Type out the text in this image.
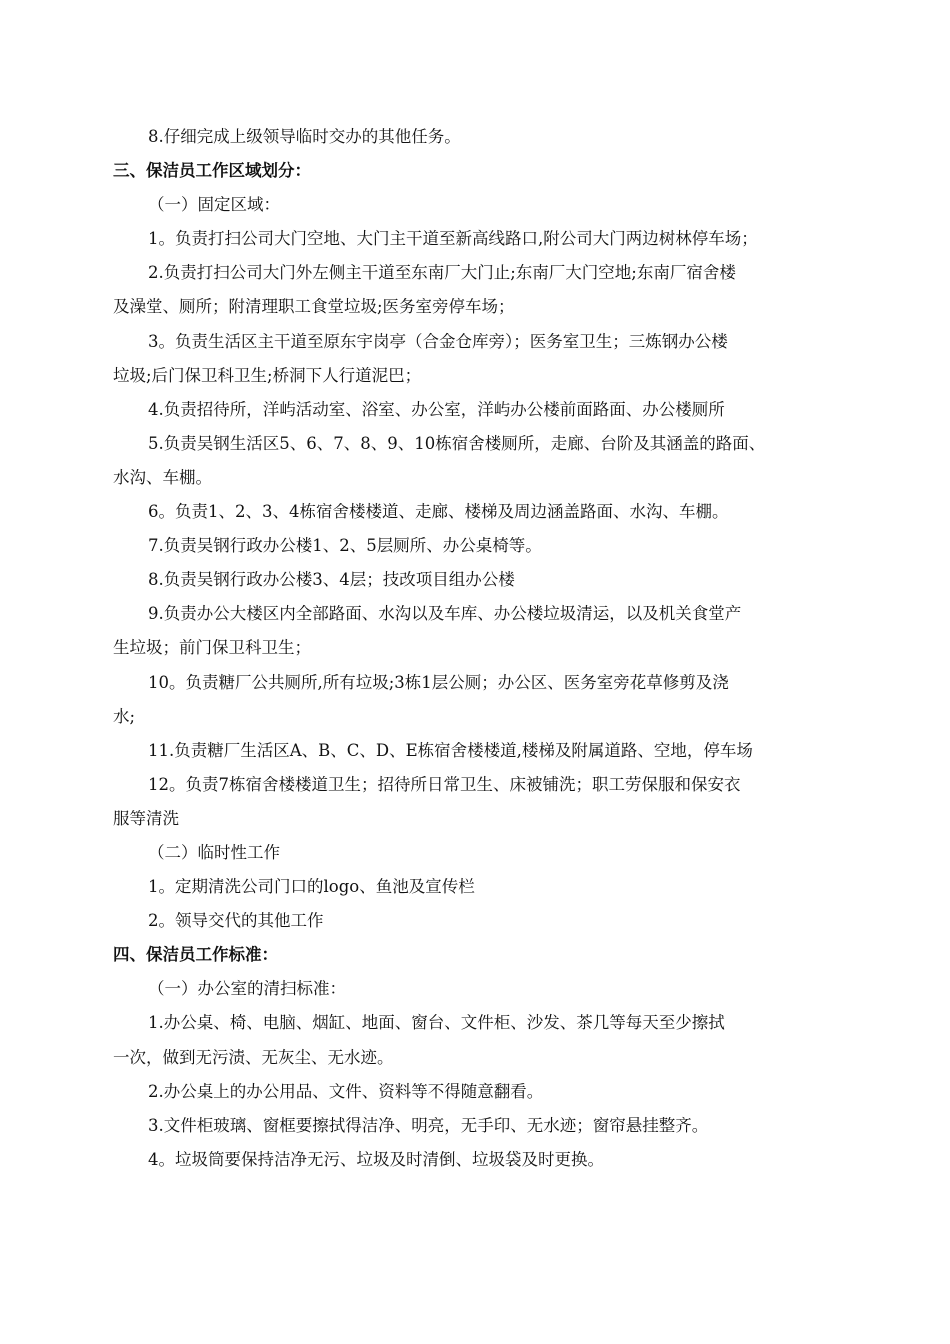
8.仔细完成上级领导临时交办的其他任务。
三、保洁员工作区域划分：
（一）固定区域：
1。负责打扫公司大门空地、大门主干道至新高线路口,附公司大门两边树林停车场；
2.负责打扫公司大门外左侧主干道至东南厂大门止;东南厂大门空地;东南厂宿舍楼
及澡堂、厕所；附清理职工食堂垃圾;医务室旁停车场；
3。负责生活区主干道至原东宇岗亭（合金仓库旁）；医务室卫生；三炼钢办公楼
垃圾;后门保卫科卫生;桥洞下人行道泥巴；
4.负责招待所，洋屿活动室、浴室、办公室，洋屿办公楼前面路面、办公楼厕所
5.负责吴钢生活区5、6、7、8、9、10栋宿舍楼厕所，走廊、台阶及其涵盖的路面、
水沟、车棚。
6。负责1、2、3、4栋宿舍楼楼道、走廊、楼梯及周边涵盖路面、水沟、车棚。
7.负责吴钢行政办公楼1、2、5层厕所、办公桌椅等。
8.负责吴钢行政办公楼3、4层；技改项目组办公楼
9.负责办公大楼区内全部路面、水沟以及车库、办公楼垃圾清运，以及机关食堂产
生垃圾；前门保卫科卫生；
10。负责糖厂公共厕所,所有垃圾;3栋1层公厕；办公区、医务室旁花草修剪及浇
水;
11.负责糖厂生活区A、B、C、D、E栋宿舍楼楼道,楼梯及附属道路、空地，停车场
12。负责7栋宿舍楼楼道卫生；招待所日常卫生、床被铺洗；职工劳保服和保安衣
服等清洗
（二）临时性工作
1。定期清洗公司门口的logo、鱼池及宣传栏
2。领导交代的其他工作
四、保洁员工作标准：
（一）办公室的清扫标准：
1.办公桌、椅、电脑、烟缸、地面、窗台、文件柜、沙发、茶几等每天至少擦拭
一次，做到无污渍、无灰尘、无水迹。
2.办公桌上的办公用品、文件、资料等不得随意翻看。
3.文件柜玻璃、窗框要擦拭得洁净、明亮，无手印、无水迹；窗帘悬挂整齐。
4。垃圾筒要保持洁净无污、垃圾及时清倒、垃圾袋及时更换。
